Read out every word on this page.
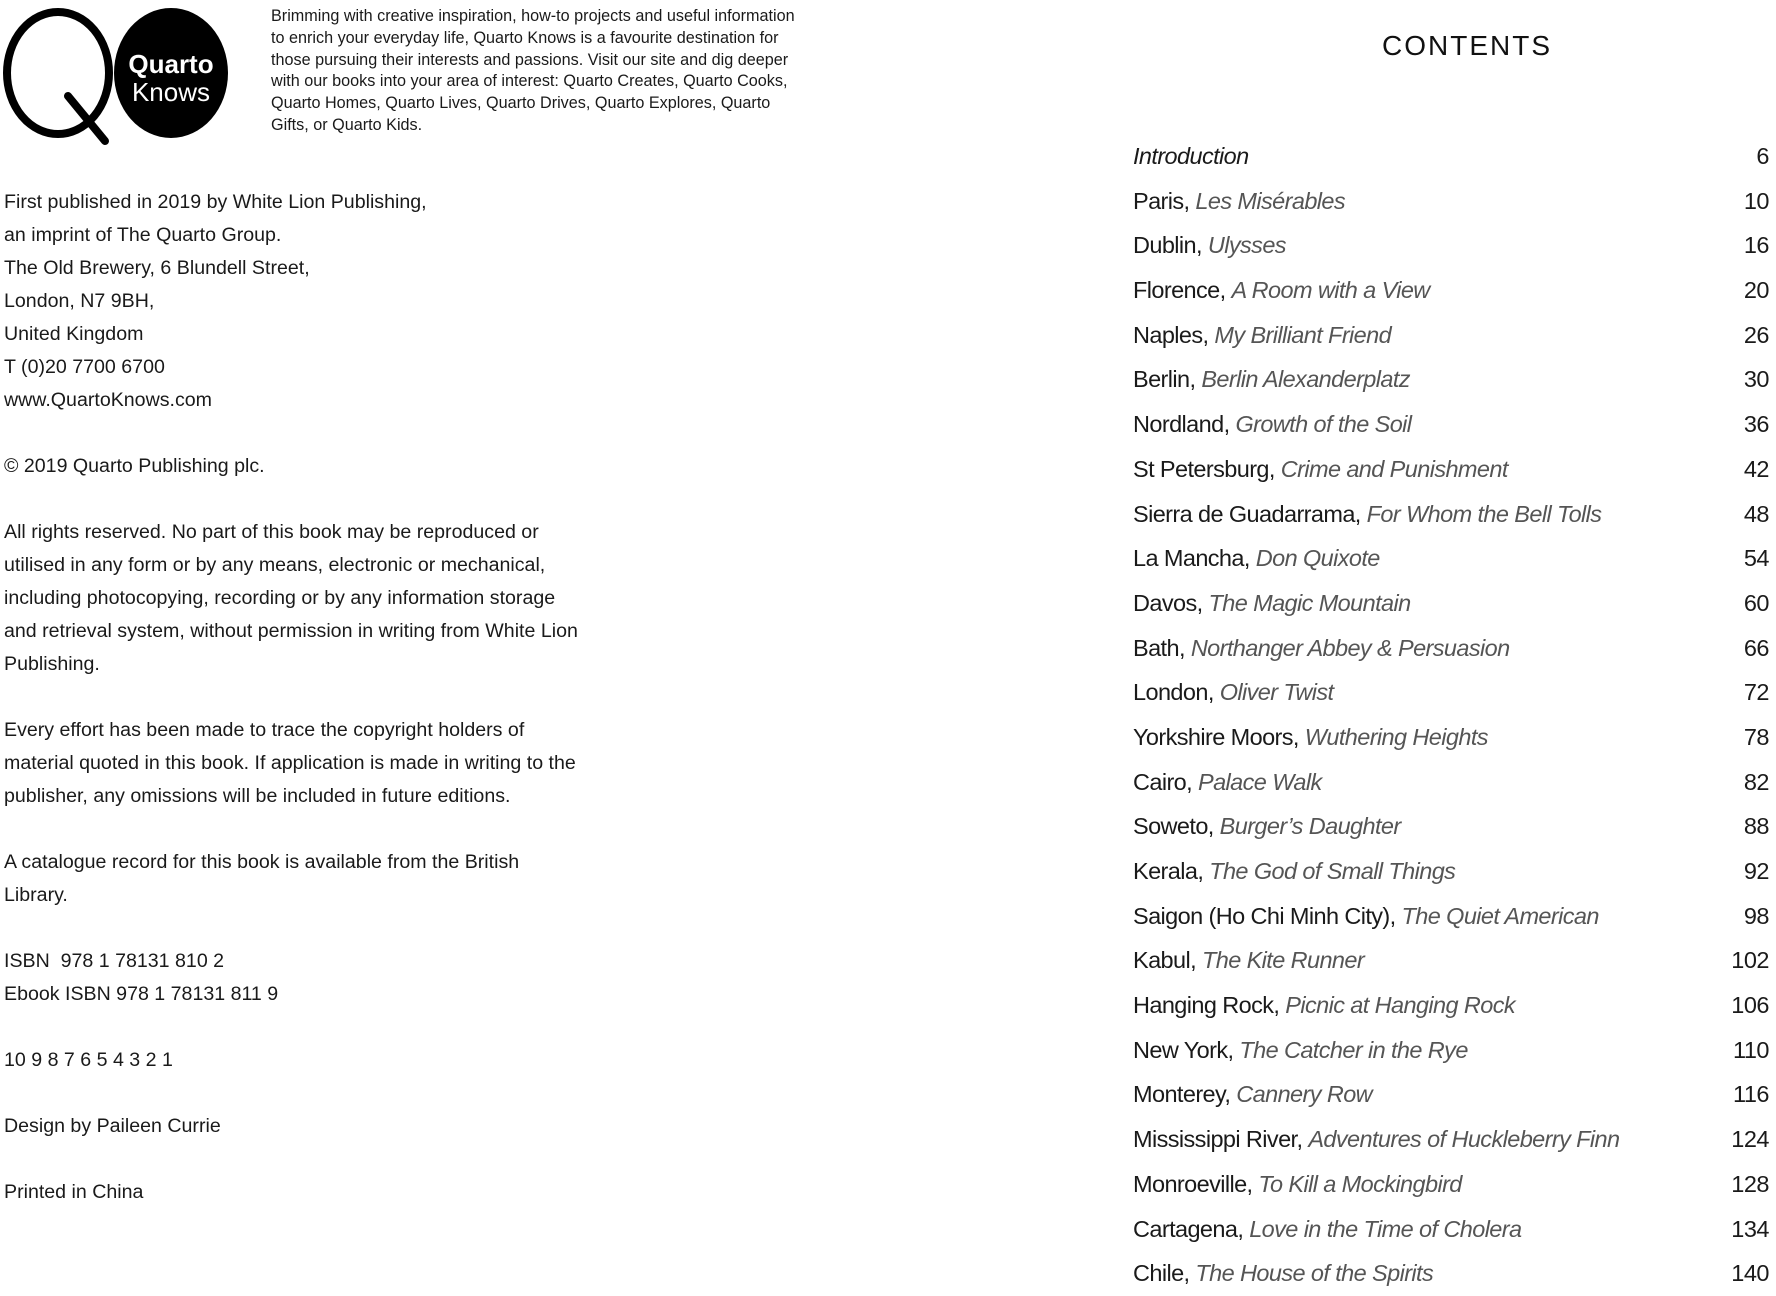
Quarto
Knows
Brimming with creative inspiration, how-to projects and useful information to enrich your everyday life, Quarto Knows is a favourite destination for those pursuing their interests and passions. Visit our site and dig deeper with our books into your area of interest: Quarto Creates, Quarto Cooks, Quarto Homes, Quarto Lives, Quarto Drives, Quarto Explores, Quarto Gifts, or Quarto Kids.

First published in 2019 by White Lion Publishing,
an imprint of The Quarto Group.
The Old Brewery, 6 Blundell Street,
London, N7 9BH,
United Kingdom
T (0)20 7700 6700
www.QuartoKnows.com

© 2019 Quarto Publishing plc.

All rights reserved. No part of this book may be reproduced or utilised in any form or by any means, electronic or mechanical, including photocopying, recording or by any information storage and retrieval system, without permission in writing from White Lion Publishing.

Every effort has been made to trace the copyright holders of material quoted in this book. If application is made in writing to the publisher, any omissions will be included in future editions.

A catalogue record for this book is available from the British Library.

ISBN  978 1 78131 810 2
Ebook ISBN 978 1 78131 811 9

10 9 8 7 6 5 4 3 2 1

Design by Paileen Currie

Printed in China

CONTENTS
Introduction	6
Paris, Les Misérables	10
Dublin, Ulysses	16
Florence, A Room with a View	20
Naples, My Brilliant Friend	26
Berlin, Berlin Alexanderplatz	30
Nordland, Growth of the Soil	36
St Petersburg, Crime and Punishment	42
Sierra de Guadarrama, For Whom the Bell Tolls	48
La Mancha, Don Quixote	54
Davos, The Magic Mountain	60
Bath, Northanger Abbey & Persuasion	66
London, Oliver Twist	72
Yorkshire Moors, Wuthering Heights	78
Cairo, Palace Walk	82
Soweto, Burger’s Daughter	88
Kerala, The God of Small Things	92
Saigon (Ho Chi Minh City), The Quiet American	98
Kabul, The Kite Runner	102
Hanging Rock, Picnic at Hanging Rock	106
New York, The Catcher in the Rye	110
Monterey, Cannery Row	116
Mississippi River, Adventures of Huckleberry Finn	124
Monroeville, To Kill a Mockingbird	128
Cartagena, Love in the Time of Cholera	134
Chile, The House of the Spirits	140
